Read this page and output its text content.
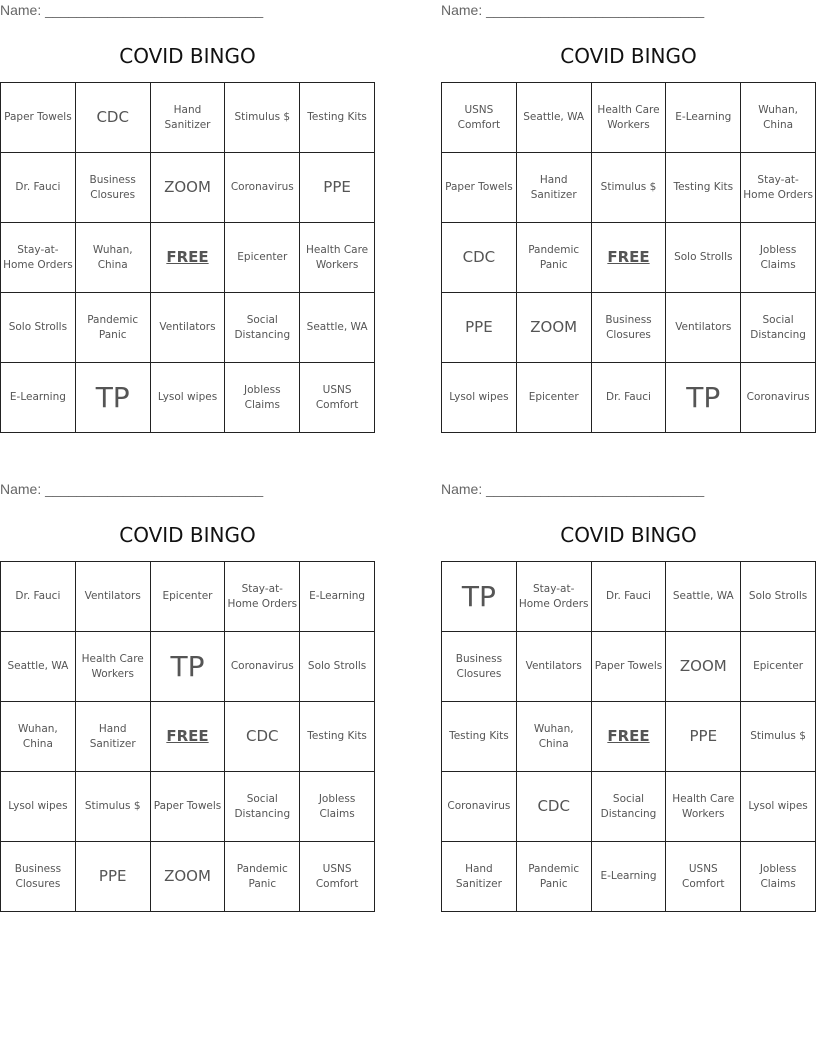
Name: ____________________________
COVID BINGO
Paper Towels	CDC	Hand Sanitizer	Stimulus $	Testing Kits
Dr. Fauci	Business Closures	ZOOM	Coronavirus	PPE
Stay-at-Home Orders	Wuhan, China	FREE	Epicenter	Health Care Workers
Solo Strolls	Pandemic Panic	Ventilators	Social Distancing	Seattle, WA
E-Learning	TP	Lysol wipes	Jobless Claims	USNS Comfort
Name: ____________________________
COVID BINGO
USNS Comfort	Seattle, WA	Health Care Workers	E-Learning	Wuhan, China
Paper Towels	Hand Sanitizer	Stimulus $	Testing Kits	Stay-at-Home Orders
CDC	Pandemic Panic	FREE	Solo Strolls	Jobless Claims
PPE	ZOOM	Business Closures	Ventilators	Social Distancing
Lysol wipes	Epicenter	Dr. Fauci	TP	Coronavirus
Name: ____________________________
COVID BINGO
Dr. Fauci	Ventilators	Epicenter	Stay-at-Home Orders	E-Learning
Seattle, WA	Health Care Workers	TP	Coronavirus	Solo Strolls
Wuhan, China	Hand Sanitizer	FREE	CDC	Testing Kits
Lysol wipes	Stimulus $	Paper Towels	Social Distancing	Jobless Claims
Business Closures	PPE	ZOOM	Pandemic Panic	USNS Comfort
Name: ____________________________
COVID BINGO
TP	Stay-at-Home Orders	Dr. Fauci	Seattle, WA	Solo Strolls
Business Closures	Ventilators	Paper Towels	ZOOM	Epicenter
Testing Kits	Wuhan, China	FREE	PPE	Stimulus $
Coronavirus	CDC	Social Distancing	Health Care Workers	Lysol wipes
Hand Sanitizer	Pandemic Panic	E-Learning	USNS Comfort	Jobless Claims
